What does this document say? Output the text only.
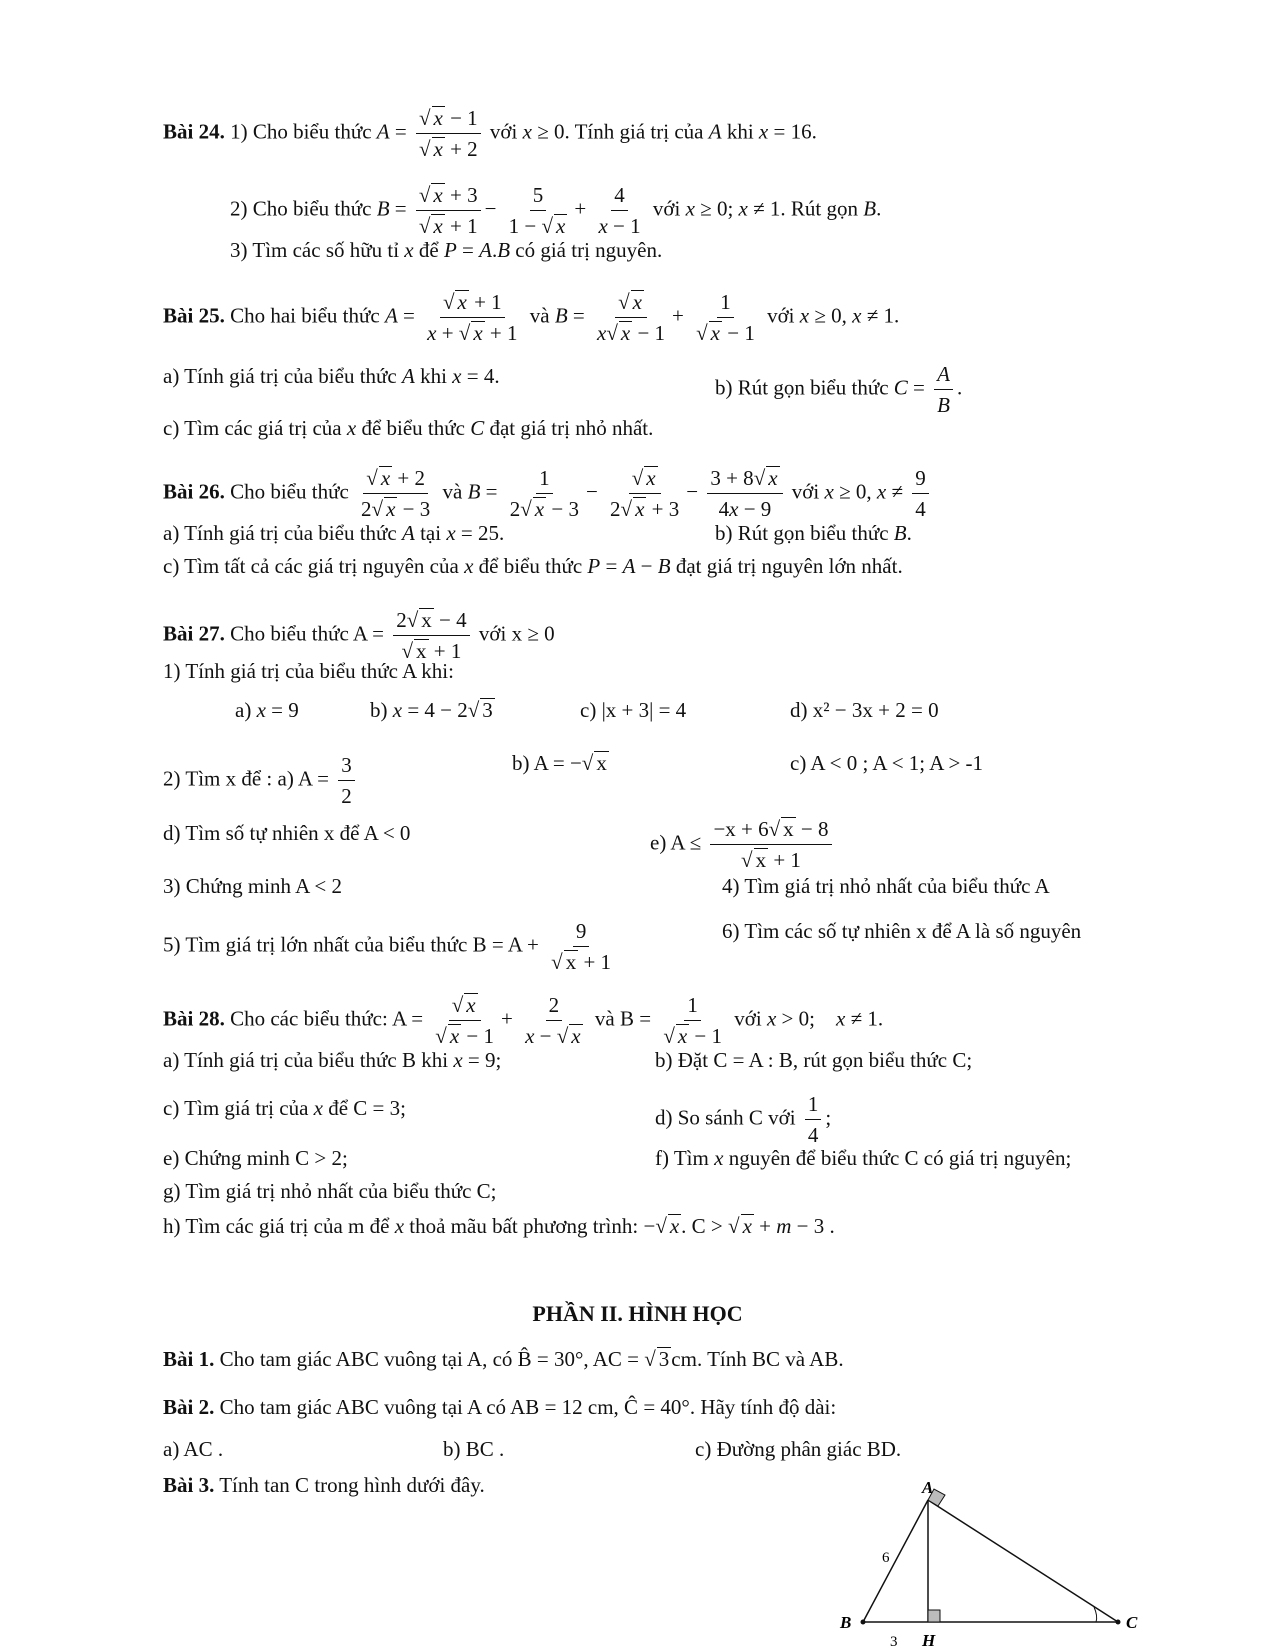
Bài 24. 1) Cho biểu thức $A = \frac{√ x - 1}{√ x + 2}$ với x ≥ 0. Tính giá trị của A khi x = 16.
2) Cho biểu thức $B = \frac{√ x + 3}{√ x + 1} - \frac{5}{1 - √ x} + \frac{4}{x - 1}$ với x ≥ 0; x ≠ 1. Rút gọn B.
3) Tìm các số hữu tỉ x để P = A.B có giá trị nguyên.
Bài 25. Cho hai biểu thức $A = \frac{√ x + 1}{x + √ x + 1}$ và $B = \frac{√ x}{x√ x - 1} + \frac{1}{√ x - 1}$ với x ≥ 0, x ≠ 1.
a) Tính giá trị của biểu thức A khi x = 4.	b) Rút gọn biểu thức $C = \frac{A}{B}$ .
c) Tìm các giá trị của x để biểu thức C đạt giá trị nhỏ nhất.
Bài 26. Cho biểu thức $\frac{√ x + 2}{2√ x - 3}$ và $B = \frac{1}{2√ x - 3} - \frac{√ x}{2√ x + 3} - \frac{3 + 8√ x}{4x - 9}$ với x ≥ 0, $x \ne \frac{9}{4}$
a) Tính giá trị của biểu thức A tại x = 25.	b) Rút gọn biểu thức B.
c) Tìm tất cả các giá trị nguyên của x để biểu thức P = A − B đạt giá trị nguyên lớn nhất.
Bài 27. Cho biểu thức $A = \frac{2√ x - 4}{√ x + 1}$ với x ≥ 0
1) Tính giá trị của biểu thức A khi:
a) x = 9	b) x = 4 − 2√ 3	c) |x + 3| = 4	d) x² − 3x + 2 = 0
2) Tìm x để : a) $A = \frac{3}{2}$	b) A = −√ x	c) A < 0 ; A < 1; A > -1
d) Tìm số tự nhiên x để A < 0	e) $A \le \frac{-x + 6√ x - 8}{√ x + 1}$
3) Chứng minh A < 2	4) Tìm giá trị nhỏ nhất của biểu thức A
5) Tìm giá trị lớn nhất của biểu thức $B = A + \frac{9}{√ x + 1}$	6) Tìm các số tự nhiên x để A là số nguyên
Bài 28. Cho các biểu thức: $A = \frac{√ x}{√ x - 1} + \frac{2}{x - √ x}$ và $B = \frac{1}{√ x - 1}$ với x > 0;    x ≠ 1.
a) Tính giá trị của biểu thức B khi x = 9;	b) Đặt C = A : B, rút gọn biểu thức C;
c) Tìm giá trị của x để C = 3;	d) So sánh C với $\frac{1}{4}$ ;
e) Chứng minh C > 2;	f) Tìm x nguyên để biểu thức C có giá trị nguyên;
g) Tìm giá trị nhỏ nhất của biểu thức C;
h) Tìm các giá trị của m để x thoả mãu bất phương trình: −√ x. C > √ x + m − 3 .
PHẦN II. HÌNH HỌC
Bài 1. Cho tam giác ABC vuông tại A, có B̂ = 30°, AC = √ 3cm. Tính BC và AB.
Bài 2. Cho tam giác ABC vuông tại A có AB = 12 cm, Ĉ = 40°. Hãy tính độ dài:
a) AC .	b) BC .	c) Đường phân giác BD.
Bài 3. Tính tan C trong hình dưới đây.	A
B	C
H
6
3
